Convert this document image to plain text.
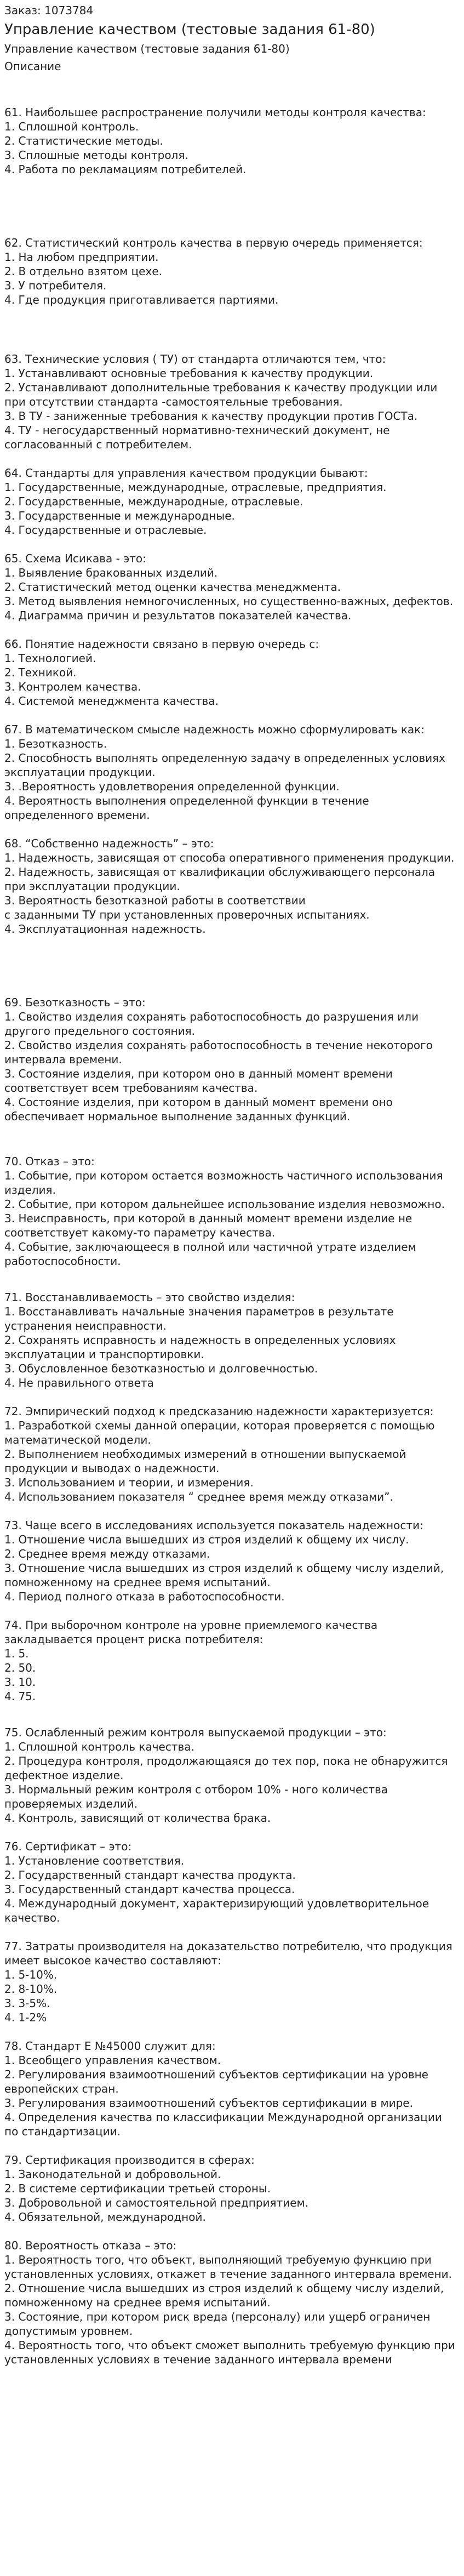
Заказ: 1073784
Управление качеством (тестовые задания 61-80)
Управление качеством (тестовые задания 61-80)
Описание
61. Наибольшее распространение получили методы контроля качества:
1. Сплошной контроль.
2. Статистические методы.
3. Сплошные методы контроля.
4. Работа по рекламациям потребителей.
62. Статистический контроль качества в первую очередь применяется:
1. На любом предприятии.
2. В отдельно взятом цехе.
3. У потребителя.
4. Где продукция приготавливается партиями.
63. Технические условия ( ТУ) от стандарта отличаются тем, что:
1. Устанавливают основные требования к качеству продукции.
2. Устанавливают дополнительные требования к качеству продукции или при отсутствии стандарта -самостоятельные требования.
3. В ТУ - заниженные требования к качеству продукции против ГОСТа.
4. ТУ - негосударственный нормативно-технический документ, не согласованный с потребителем.
64. Стандарты для управления качеством продукции бывают:
1. Государственные, международные, отраслевые, предприятия.
2. Государственные, международные, отраслевые.
3. Государственные и международные.
4. Государственные и отраслевые.
65. Схема Исикава - это:
1. Выявление бракованных изделий.
2. Статистический метод оценки качества менеджмента.
3. Метод выявления немногочисленных, но существенно-важных, дефектов.
4. Диаграмма причин и результатов показателей качества.
66. Понятие надежности связано в первую очередь с:
1. Технологией.
2. Техникой.
3. Контролем качества.
4. Системой менеджмента качества.
67. В математическом смысле надежность можно сформулировать как:
1. Безотказность.
2. Способность выполнять определенную задачу в определенных условиях эксплуатации продукции.
3. .Вероятность удовлетворения определенной функции.
4. Вероятность выполнения определенной функции в течение определенного времени.
68. “Собственно надежность” – это:
1. Надежность, зависящая от способа оперативного применения продукции.
2. Надежность, зависящая от квалификации обслуживающего персонала при эксплуатации продукции.
3. Вероятность безотказной работы в соответствии
с заданными ТУ при установленных проверочных испытаниях.
4. Эксплуатационная надежность.
69. Безотказность – это:
1. Свойство изделия сохранять работоспособность до разрушения или другого предельного состояния.
2. Свойство изделия сохранять работоспособность в течение некоторого интервала времени.
3. Состояние изделия, при котором оно в данный момент времени соответствует всем требованиям качества.
4. Состояние изделия, при котором в данный момент времени оно обеспечивает нормальное выполнение заданных функций.
70. Отказ – это:
1. Событие, при котором остается возможность частичного использования изделия.
2. Событие, при котором дальнейшее использование изделия невозможно.
3. Неисправность, при которой в данный момент времени изделие не соответствует какому-то параметру качества.
4. Событие, заключающееся в полной или частичной утрате изделием работоспособности.
71. Восстанавливаемость – это свойство изделия:
1. Восстанавливать начальные значения параметров в результате устранения неисправности.
2. Сохранять исправность и надежность в определенных условиях эксплуатации и транспортировки.
3. Обусловленное безотказностью и долговечностью.
4. Не правильного ответа
72. Эмпирический подход к предсказанию надежности характеризуется:
1. Разработкой схемы данной операции, которая проверяется с помощью математической модели.
2. Выполнением необходимых измерений в отношении выпускаемой продукции и выводах о надежности.
3. Использованием и теории, и измерения.
4. Использованием показателя “ среднее время между отказами”.
73. Чаще всего в исследованиях используется показатель надежности:
1. Отношение числа вышедших из строя изделий к общему их числу.
2. Среднее время между отказами.
3. Отношение числа вышедших из строя изделий к общему числу изделий, помноженному на среднее время испытаний.
4. Период полного отказа в работоспособности.
74. При выборочном контроле на уровне приемлемого качества закладывается процент риска потребителя:
1. 5.
2. 50.
3. 10.
4. 75.
75. Ослабленный режим контроля выпускаемой продукции – это:
1. Сплошной контроль качества.
2. Процедура контроля, продолжающаяся до тех пор, пока не обнаружится дефектное изделие.
3. Нормальный режим контроля с отбором 10% - ного количества проверяемых изделий.
4. Контроль, зависящий от количества брака.
76. Сертификат – это:
1. Установление соответствия.
2. Государственный стандарт качества продукта.
3. Государственный стандарт качества процесса.
4. Международный документ, характеризирующий удовлетворительное качество.
77. Затраты производителя на доказательство потребителю, что продукция имеет высокое качество составляют:
1. 5-10%.
2. 8-10%.
3. 3-5%.
4. 1-2%
78. Стандарт Е №45000 служит для:
1. Всеобщего управления качеством.
2. Регулирования взаимоотношений субъектов сертификации на уровне европейских стран.
3. Регулирования взаимоотношений субъектов сертификации в мире.
4. Определения качества по классификации Международной организации по стандартизации.
79. Сертификация производится в сферах:
1. Законодательной и добровольной.
2. В системе сертификации третьей стороны.
3. Добровольной и самостоятельной предприятием.
4. Обязательной, международной.
80. Вероятность отказа – это:
1. Вероятность того, что объект, выполняющий требуемую функцию при установленных условиях, откажет в течение заданного интервала времени.
2. Отношение числа вышедших из строя изделий к общему числу изделий, помноженному на среднее время испытаний.
3. Состояние, при котором риск вреда (персоналу) или ущерб ограничен допустимым уровнем.
4. Вероятность того, что объект сможет выполнить требуемую функцию при установленных условиях в течение заданного интервала времени
